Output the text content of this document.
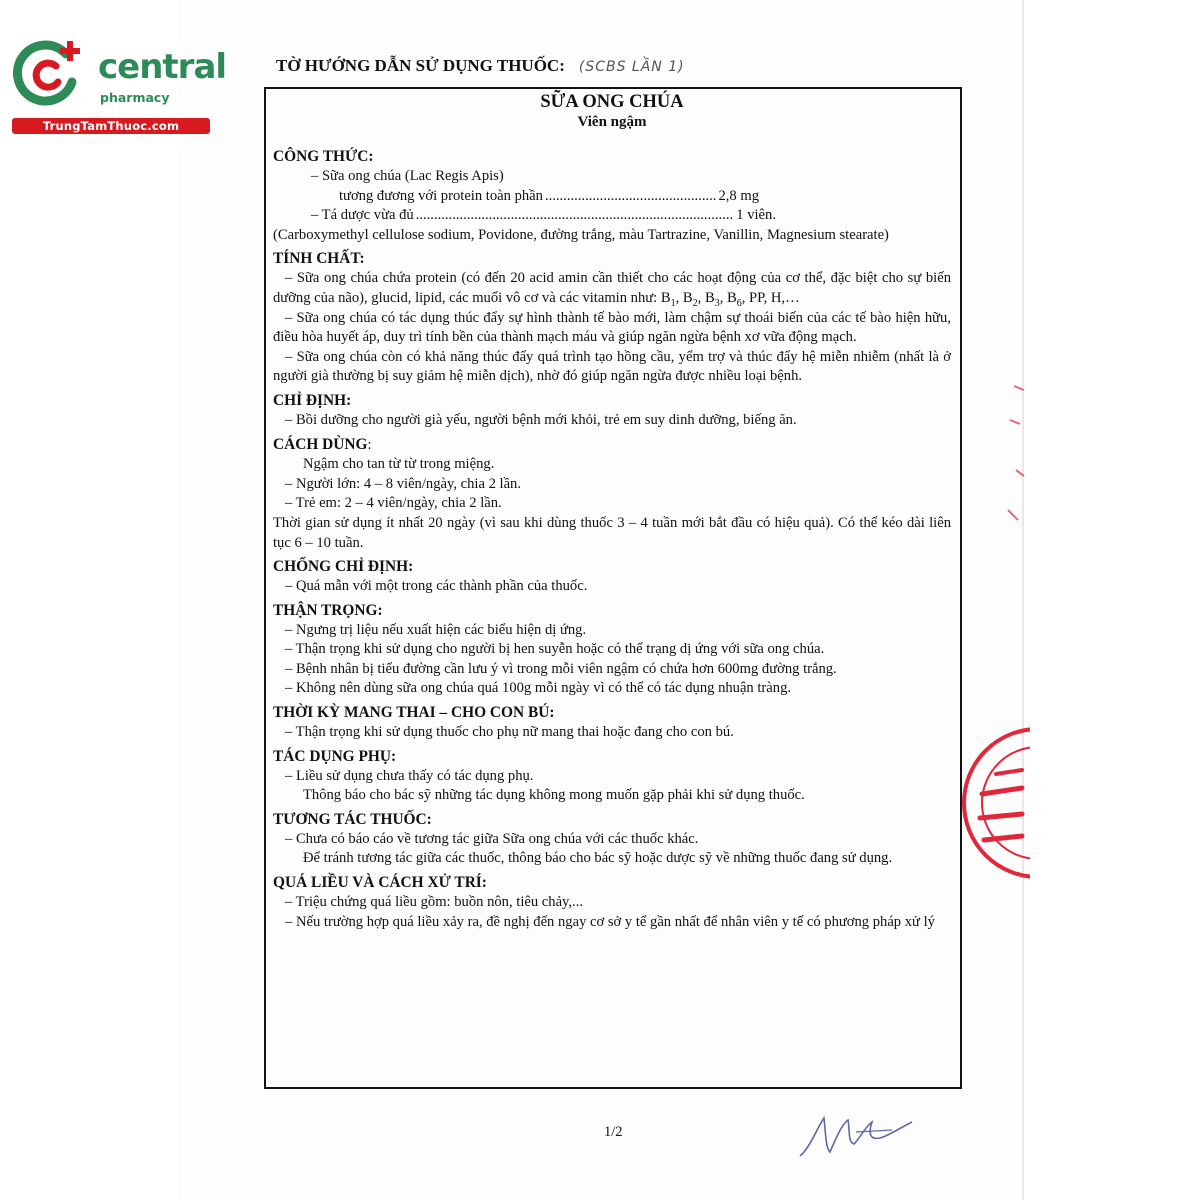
central
pharmacy
TrungTamThuoc.com
TỜ HƯỚNG DẪN SỬ DỤNG THUỐC: (SCBS LẦN 1)
SỮA ONG CHÚA
Viên ngậm
CÔNG THỨC:
– Sữa ong chúa (Lac Regis Apis)
tương đương với protein toàn phần .....	2,8 mg
– Tá dược vừa đủ .....	1 viên.
(Carboxymethyl cellulose sodium, Povidone, đường trắng, màu Tartrazine, Vanillin, Magnesium stearate)
TÍNH CHẤT:
– Sữa ong chúa chứa protein (có đến 20 acid amin cần thiết cho các hoạt động của cơ thể, đặc biệt cho sự biến dưỡng của não), glucid, lipid, các muối vô cơ và các vitamin như: $B_1$, $B_2$, $B_3$, $B_6$, PP, H,…
– Sữa ong chúa có tác dụng thúc đẩy sự hình thành tế bào mới, làm chậm sự thoái biến của các tế bào hiện hữu, điều hòa huyết áp, duy trì tính bền của thành mạch máu và giúp ngăn ngừa bệnh xơ vữa động mạch.
– Sữa ong chúa còn có khả năng thúc đẩy quá trình tạo hồng cầu, yểm trợ và thúc đẩy hệ miễn nhiễm (nhất là ở người già thường bị suy giảm hệ miễn dịch), nhờ đó giúp ngăn ngừa được nhiều loại bệnh.
CHỈ ĐỊNH:
– Bồi dưỡng cho người già yếu, người bệnh mới khỏi, trẻ em suy dinh dưỡng, biếng ăn.
CÁCH DÙNG:
Ngậm cho tan từ từ trong miệng.
– Người lớn: 4 – 8 viên/ngày, chia 2 lần.
– Trẻ em: 2 – 4 viên/ngày, chia 2 lần.
Thời gian sử dụng ít nhất 20 ngày (vì sau khi dùng thuốc 3 – 4 tuần mới bắt đầu có hiệu quả). Có thể kéo dài liên tục 6 – 10 tuần.
CHỐNG CHỈ ĐỊNH:
– Quá mẫn với một trong các thành phần của thuốc.
THẬN TRỌNG:
– Ngưng trị liệu nếu xuất hiện các biểu hiện dị ứng.
– Thận trọng khi sử dụng cho người bị hen suyễn hoặc có thể trạng dị ứng với sữa ong chúa.
– Bệnh nhân bị tiểu đường cần lưu ý vì trong mỗi viên ngậm có chứa hơn 600mg đường trắng.
– Không nên dùng sữa ong chúa quá 100g mỗi ngày vì có thể có tác dụng nhuận tràng.
THỜI KỲ MANG THAI – CHO CON BÚ:
– Thận trọng khi sử dụng thuốc cho phụ nữ mang thai hoặc đang cho con bú.
TÁC DỤNG PHỤ:
– Liều sử dụng chưa thấy có tác dụng phụ.
Thông báo cho bác sỹ những tác dụng không mong muốn gặp phải khi sử dụng thuốc.
TƯƠNG TÁC THUỐC:
– Chưa có báo cáo về tương tác giữa Sữa ong chúa với các thuốc khác.
Để tránh tương tác giữa các thuốc, thông báo cho bác sỹ hoặc dược sỹ về những thuốc đang sử dụng.
QUÁ LIỀU VÀ CÁCH XỬ TRÍ:
– Triệu chứng quá liều gồm: buồn nôn, tiêu chảy,...
– Nếu trường hợp quá liều xảy ra, đề nghị đến ngay cơ sở y tế gần nhất để nhân viên y tế có phương pháp xử lý
1/2
